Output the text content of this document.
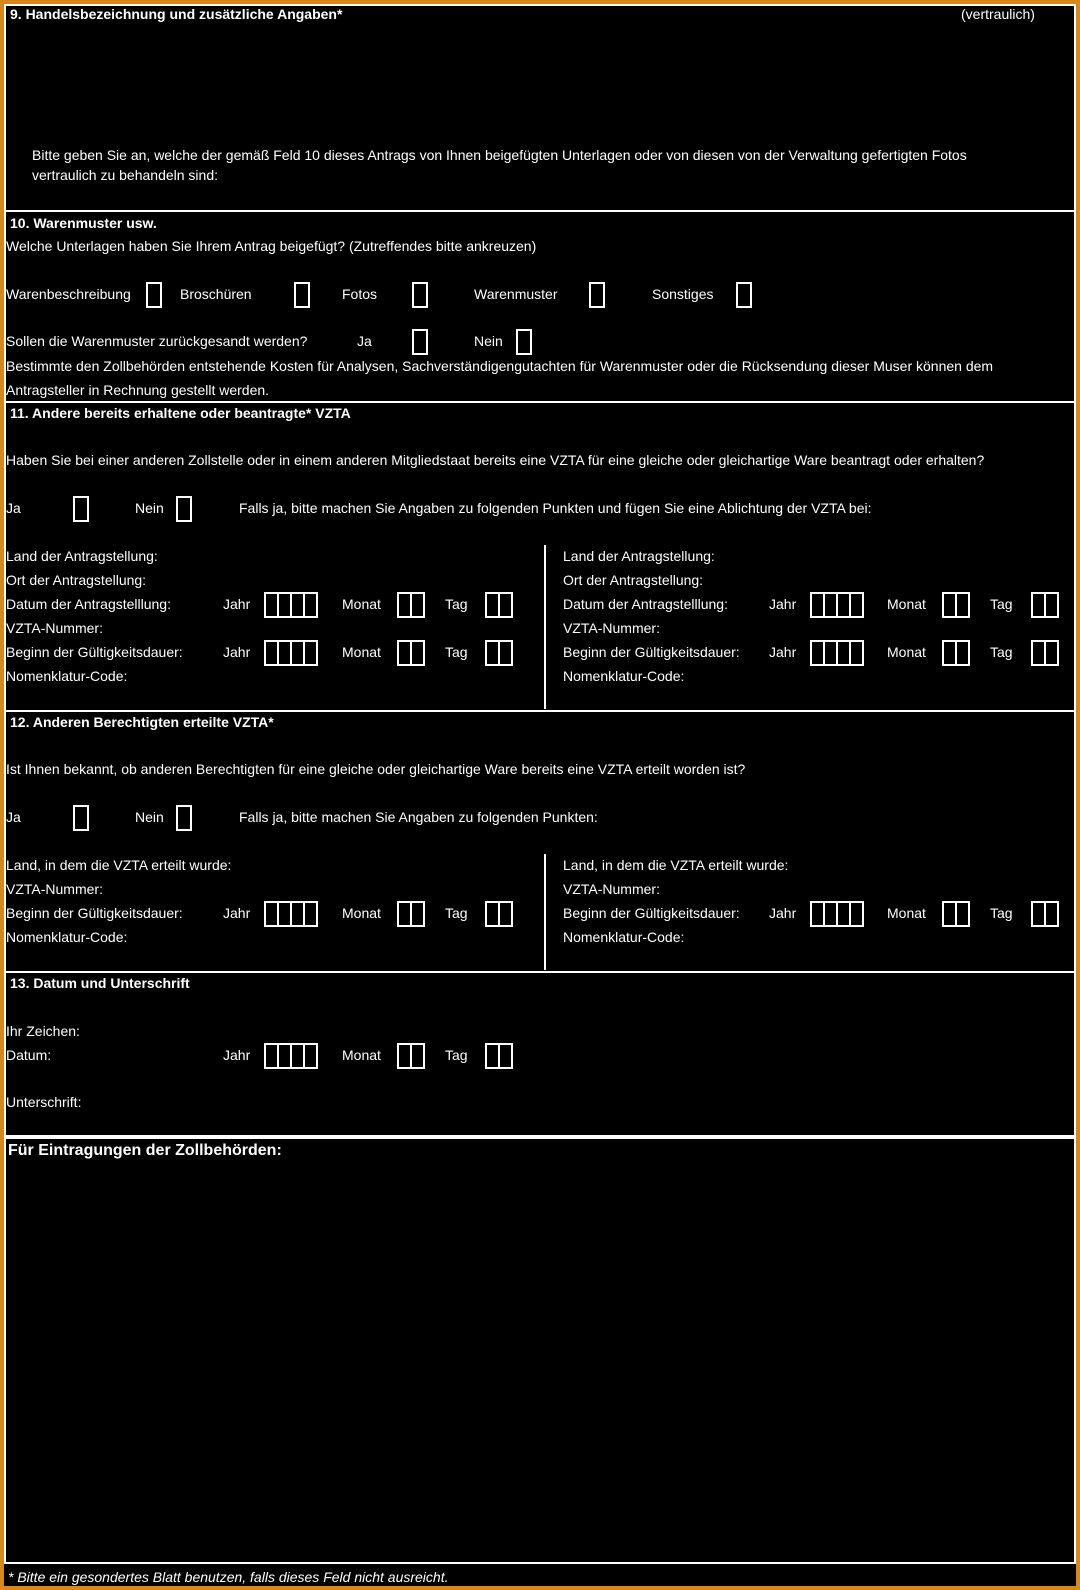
9. Handelsbezeichnung und zusätzliche Angaben*	(vertraulich)
Bitte geben Sie an, welche der gemäß Feld 10 dieses Antrags von Ihnen beigefügten Unterlagen oder von diesen von der Verwaltung gefertigten Fotos
vertraulich zu behandeln sind:
10. Warenmuster usw.
Welche Unterlagen haben Sie Ihrem Antrag beigefügt? (Zutreffendes bitte ankreuzen)
Warenbeschreibung	Broschüren	Fotos	Warenmuster	Sonstiges
Sollen die Warenmuster zurückgesandt werden?	Ja	Nein
Bestimmte den Zollbehörden entstehende Kosten für Analysen, Sachverständigengutachten für Warenmuster oder die Rücksendung dieser Muser können dem
Antragsteller in Rechnung gestellt werden.
11. Andere bereits erhaltene oder beantragte* VZTA
Haben Sie bei einer anderen Zollstelle oder in einem anderen Mitgliedstaat bereits eine VZTA für eine gleiche oder gleichartige Ware beantragt oder erhalten?
Ja	Nein	Falls ja, bitte machen Sie Angaben zu folgenden Punkten und fügen Sie eine Ablichtung der VZTA bei:
Land der Antragstellung:
Ort der Antragstellung:
Datum der Antragstelllung:	Jahr	Monat	Tag
VZTA-Nummer:
Beginn der Gültigkeitsdauer:	Jahr	Monat	Tag
Nomenklatur-Code:
Land der Antragstellung:
Ort der Antragstellung:
Datum der Antragstelllung:	Jahr	Monat	Tag
VZTA-Nummer:
Beginn der Gültigkeitsdauer: Jahr	Monat	Tag
Nomenklatur-Code:
12. Anderen Berechtigten erteilte VZTA*
Ist Ihnen bekannt, ob anderen Berechtigten für eine gleiche oder gleichartige Ware bereits eine VZTA erteilt worden ist?
Ja	Nein	Falls ja, bitte machen Sie Angaben zu folgenden Punkten:
Land, in dem die VZTA erteilt wurde:
VZTA-Nummer:
Beginn der Gültigkeitsdauer:	Jahr	Monat	Tag
Nomenklatur-Code:
Land, in dem die VZTA erteilt wurde:
VZTA-Nummer:
Beginn der Gültigkeitsdauer: Jahr	Monat	Tag
Nomenklatur-Code:
13. Datum und Unterschrift
Ihr Zeichen:
Datum:	Jahr	Monat	Tag
Unterschrift:
Für Eintragungen der Zollbehörden:
* Bitte ein gesondertes Blatt benutzen, falls dieses Feld nicht ausreicht.
